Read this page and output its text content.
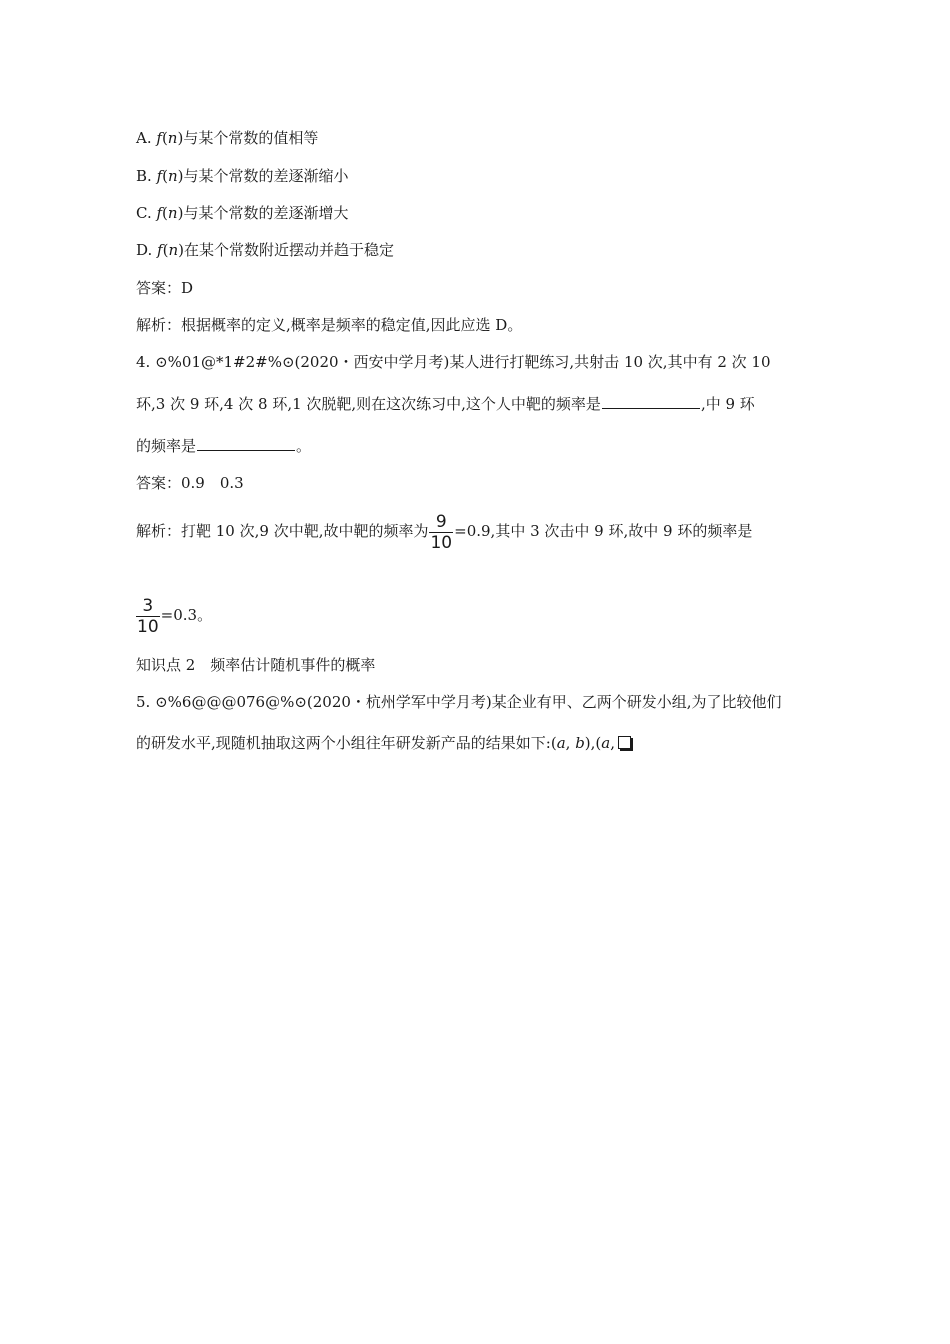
A. f(n)与某个常数的值相等
B. f(n)与某个常数的差逐渐缩小
C. f(n)与某个常数的差逐渐增大
D. f(n)在某个常数附近摆动并趋于稳定
答案：D
解析：根据概率的定义,概率是频率的稳定值,因此应选 D。
4. ⊙%01@*1#2#%⊙(2020・西安中学月考)某人进行打靶练习,共射击 10 次,其中有 2 次 10
环,3 次 9 环,4 次 8 环,1 次脱靶,则在这次练习中,这个人中靶的频率是	,中 9 环
的频率是	。
答案：0.9　0.3
解析：打靶 10 次,9 次中靶,故中靶的频率为 $\frac{9}{10} =0.9$,其中 3 次击中 9 环,故中 9 环的频率是
$\frac{3}{10} =0.3$。
知识点 2　频率估计随机事件的概率
5. ⊙%6@@@076@%⊙(2020・杭州学军中学月考)某企业有甲、乙两个研发小组,为了比较他们
的研发水平,现随机抽取这两个小组往年研发新产品的结果如下:(a, b),(a,
